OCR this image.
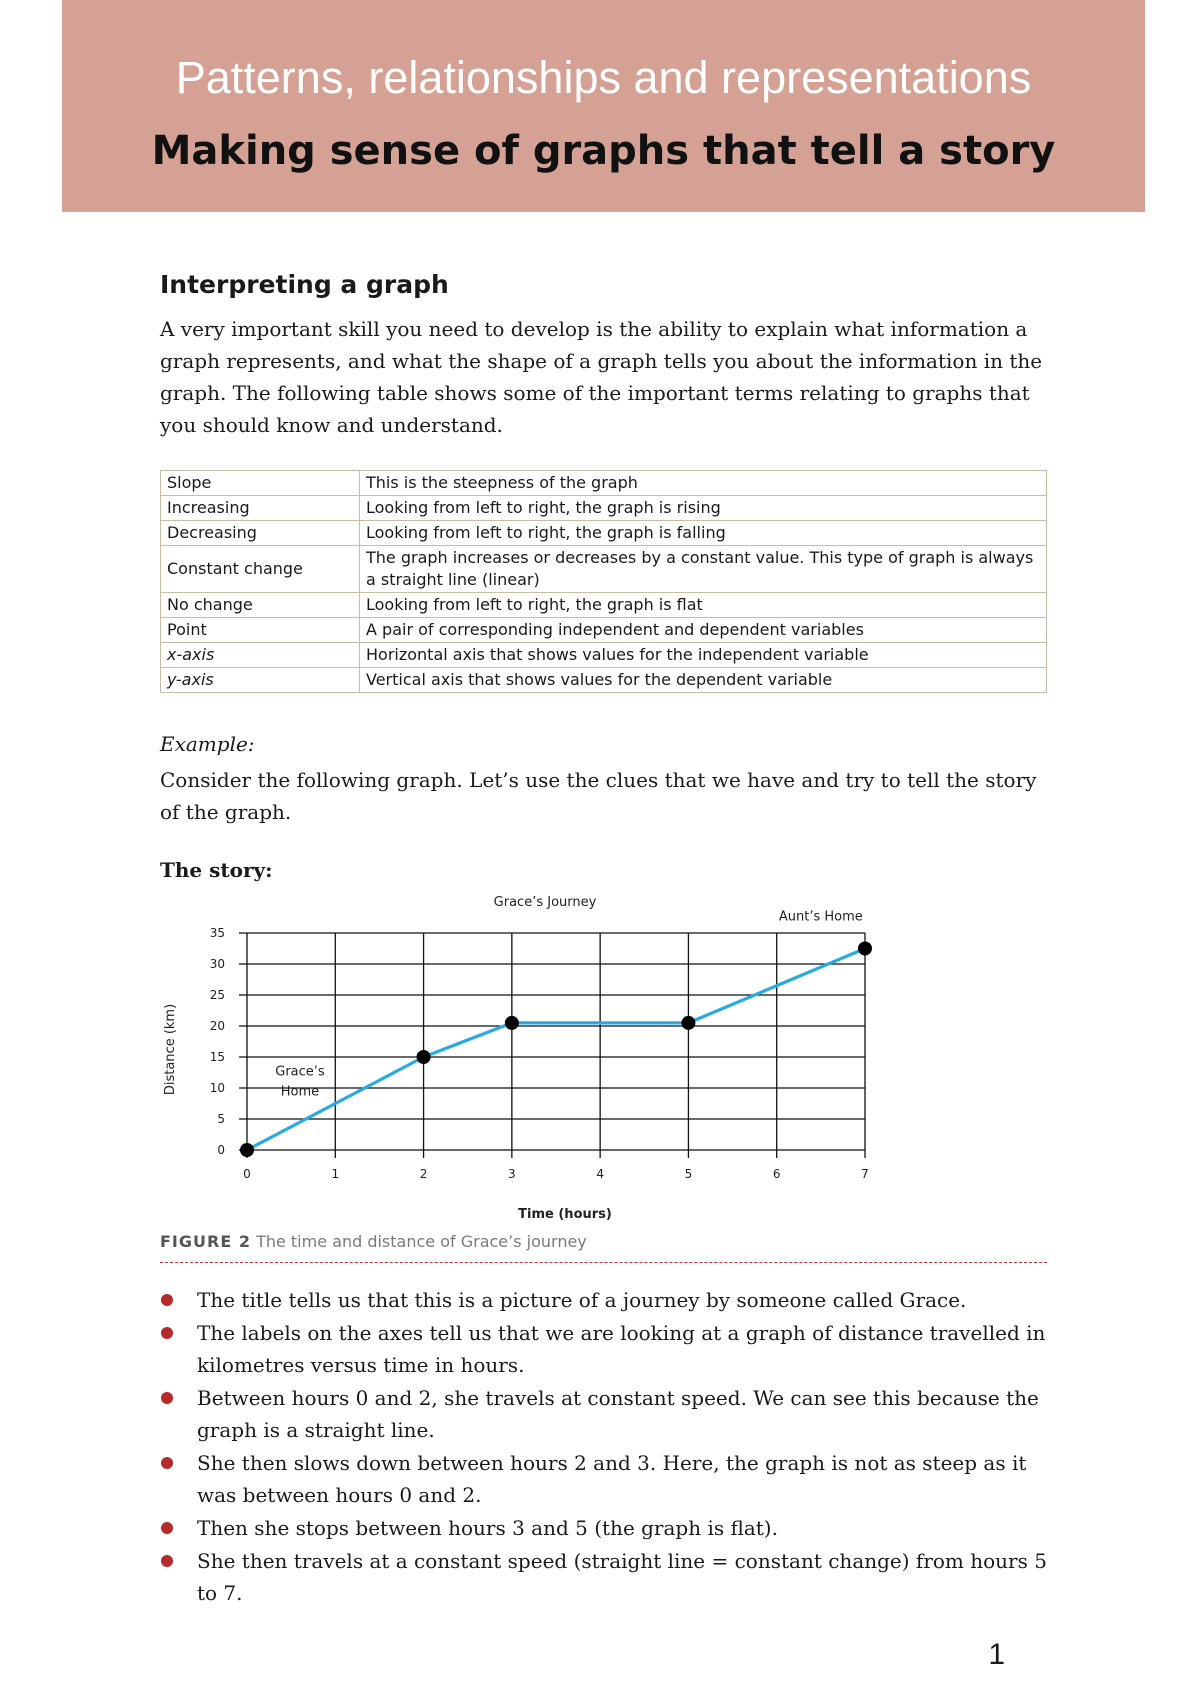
Patterns, relationships and representations
Making sense of graphs that tell a story
Interpreting a graph

A very important skill you need to develop is the ability to explain what information a graph represents, and what the shape of a graph tells you about the information in the graph. The following table shows some of the important terms relating to graphs that you should know and understand.

Slope	This is the steepness of the graph
Increasing	Looking from left to right, the graph is rising
Decreasing	Looking from left to right, the graph is falling
Constant change	The graph increases or decreases by a constant value. This type of graph is always a straight line (linear)
No change	Looking from left to right, the graph is flat
Point	A pair of corresponding independent and dependent variables
x-axis	Horizontal axis that shows values for the independent variable
y-axis	Vertical axis that shows values for the dependent variable
Example:

Consider the following graph. Let’s use the clues that we have and try to tell the story of the graph.

The story:
0	1	2	3	4	5	6	7
0
5
10
15
20
25
30
35
Grace’s Journey
Time (hours)
Distance (km)	Grace’s
Home
Aunt’s Home
FIGURE 2 The time and distance of Grace’s journey
The title tells us that this is a picture of a journey by someone called Grace.
The labels on the axes tell us that we are looking at a graph of distance travelled in kilometres versus time in hours.
Between hours 0 and 2, she travels at constant speed. We can see this because the graph is a straight line.
She then slows down between hours 2 and 3. Here, the graph is not as steep as it was between hours 0 and 2.
Then she stops between hours 3 and 5 (the graph is flat).
She then travels at a constant speed (straight line = constant change) from hours 5 to 7.
1
